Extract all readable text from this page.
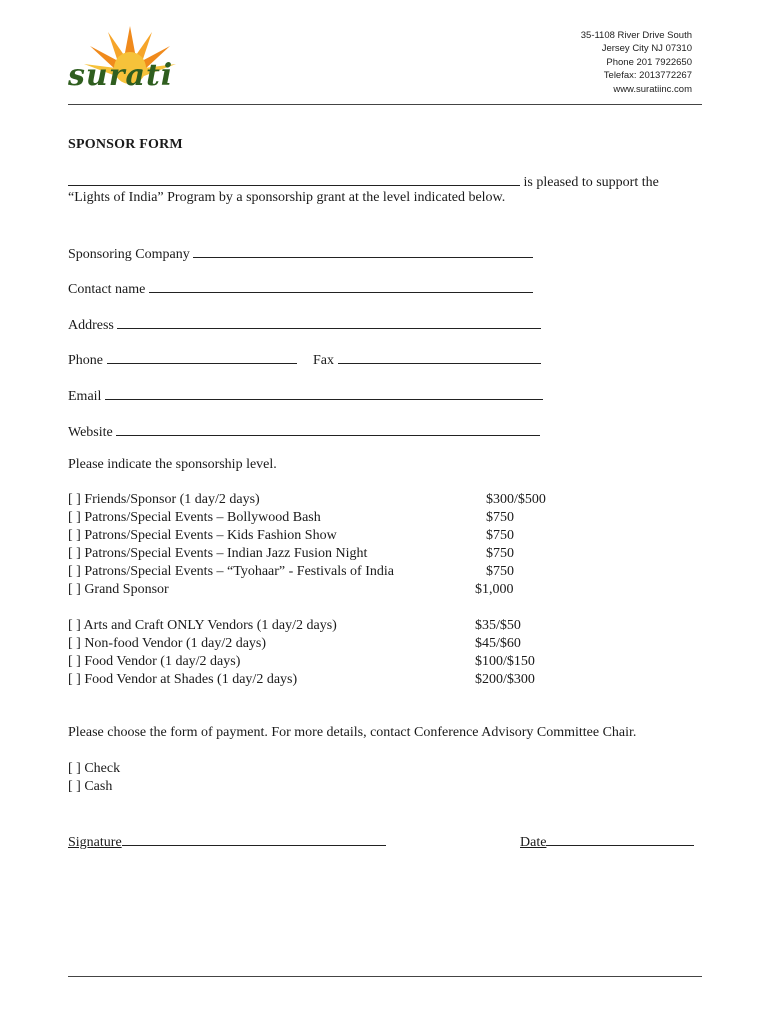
surati
35-1108 River Drive South
Jersey City NJ 07310
Phone 201 7922650
Telefax: 2013772267
www.suratiinc.com
SPONSOR FORM
is pleased to support the
“Lights of India” Program by a sponsorship grant at the level indicated below.
Sponsoring Company
Contact name
Address
Phone	Fax
Email
Website
Please indicate the sponsorship level.
[ ] Friends/Sponsor (1 day/2 days)	$300/$500
[ ] Patrons/Special Events – Bollywood Bash	$750
[ ] Patrons/Special Events – Kids Fashion Show	$750
[ ] Patrons/Special Events – Indian Jazz Fusion Night	$750
[ ] Patrons/Special Events – “Tyohaar” - Festivals of India	$750
[ ] Grand Sponsor	$1,000
[ ] Arts and Craft ONLY Vendors (1 day/2 days)	$35/$50
[ ] Non-food Vendor (1 day/2 days)	$45/$60
[ ] Food Vendor (1 day/2 days)	$100/$150
[ ] Food Vendor at Shades (1 day/2 days)	$200/$300
Please choose the form of payment. For more details, contact Conference Advisory Committee Chair.
[ ] Check
[ ] Cash
Signature	Date
